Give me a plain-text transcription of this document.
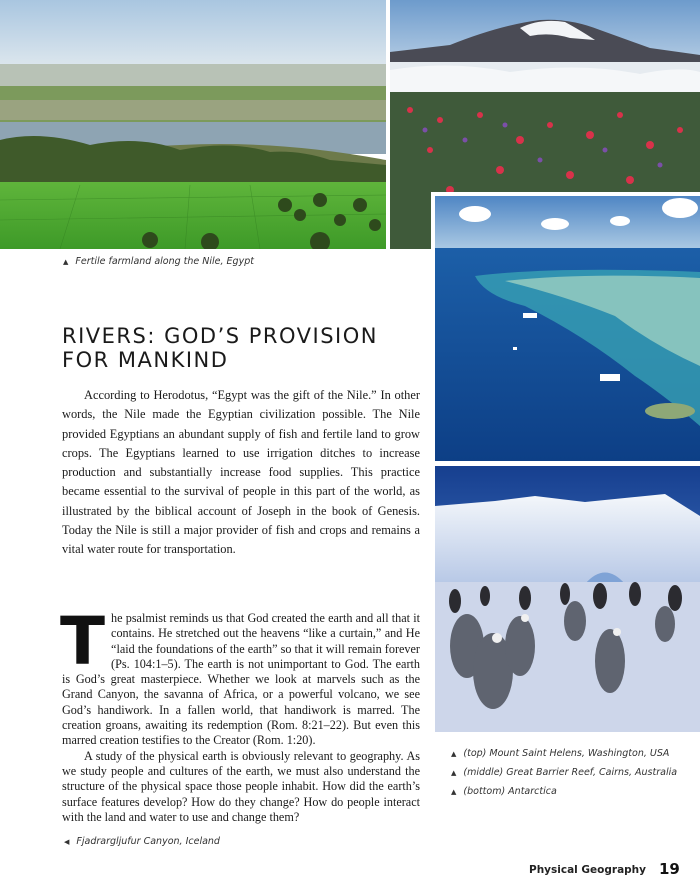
▲ Fertile farmland along the Nile, Egypt
▲ (top) Mount Saint Helens, Washington, USA
▲ (middle) Great Barrier Reef, Cairns, Australia
▲ (bottom) Antarctica
◀ Fjadrargljufur Canyon, Iceland
RIVERS: GOD’S PROVISION
FOR MANKIND

According to Herodotus, “Egypt was the gift of the Nile.” In other words, the Nile made the Egyptian civilization possible. The Nile provided Egyptians an abundant supply of fish and fertile land to grow crops. The Egyptians learned to use irrigation ditches to increase production and substantially increase food supplies. This practice became essential to the survival of people in this part of the world, as illustrated by the biblical account of Joseph in the book of Genesis. Today the Nile is still a major provider of fish and crops and remains a vital water route for transportation.

The psalmist reminds us that God created the earth and all that it contains. He stretched out the heavens “like a curtain,” and He “laid the foundations of the earth” so that it will remain forever (Ps. 104:1–5). The earth is not unimportant to God. The earth is God’s great masterpiece. Whether we look at marvels such as the Grand Canyon, the savanna of Africa, or a powerful volcano, we see God’s handiwork. In a fallen world, that handiwork is marred. The creation groans, awaiting its redemption (Rom. 8:21–22). But even this marred creation testifies to the Creator (Rom. 1:20).

A study of the physical earth is obviously relevant to geography. As we study people and cultures of the earth, we must also understand the structure of the physical space those people inhabit. How did the earth’s surface features develop? How do they change? How do people interact with the land and water to use and change them?

Physical Geography 19
